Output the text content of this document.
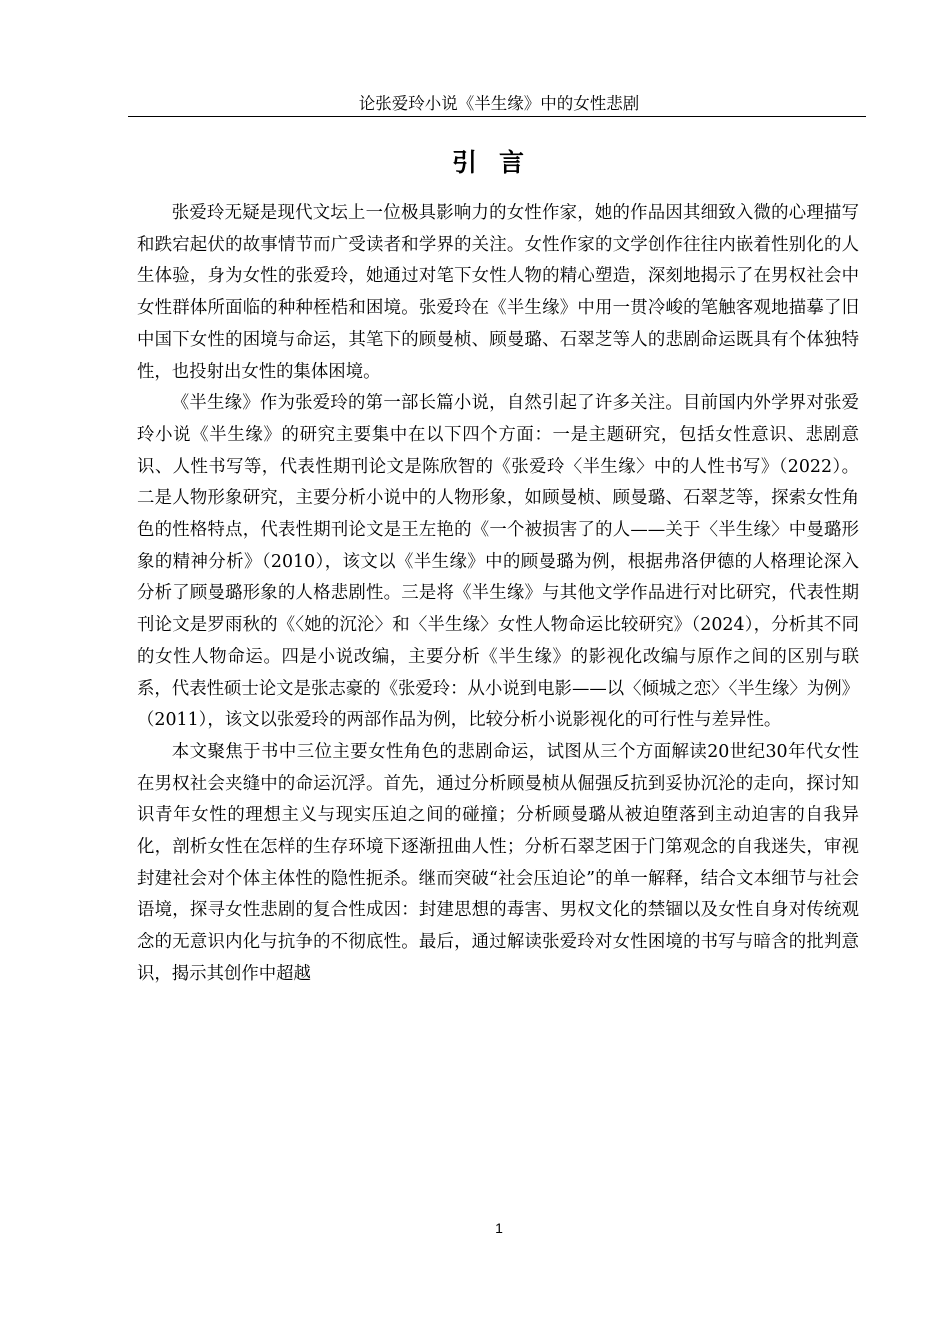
论张爱玲小说《半生缘》中的女性悲剧
引言

张爱玲无疑是现代文坛上一位极具影响力的女性作家，她的作品因其细致入微的心理描写和跌宕起伏的故事情节而广受读者和学界的关注。女性作家的文学创作往往内嵌着性别化的人生体验，身为女性的张爱玲，她通过对笔下女性人物的精心塑造，深刻地揭示了在男权社会中女性群体所面临的种种桎梏和困境。张爱玲在《半生缘》中用一贯冷峻的笔触客观地描摹了旧中国下女性的困境与命运，其笔下的顾曼桢、顾曼璐、石翠芝等人的悲剧命运既具有个体独特性，也投射出女性的集体困境。

《半生缘》作为张爱玲的第一部长篇小说，自然引起了许多关注。目前国内外学界对张爱玲小说《半生缘》的研究主要集中在以下四个方面：一是主题研究，包括女性意识、悲剧意识、人性书写等，代表性期刊论文是陈欣智的《张爱玲〈半生缘〉中的人性书写》（2022）。二是人物形象研究，主要分析小说中的人物形象，如顾曼桢、顾曼璐、石翠芝等，探索女性角色的性格特点，代表性期刊论文是王左艳的《一个被损害了的人——关于〈半生缘〉中曼璐形象的精神分析》（2010），该文以《半生缘》中的顾曼璐为例，根据弗洛伊德的人格理论深入分析了顾曼璐形象的人格悲剧性。三是将《半生缘》与其他文学作品进行对比研究，代表性期刊论文是罗雨秋的《〈她的沉沦〉和〈半生缘〉女性人物命运比较研究》（2024），分析其不同的女性人物命运。四是小说改编，主要分析《半生缘》的影视化改编与原作之间的区别与联系，代表性硕士论文是张志豪的《张爱玲：从小说到电影——以〈倾城之恋〉〈半生缘〉为例》（2011），该文以张爱玲的两部作品为例，比较分析小说影视化的可行性与差异性。

本文聚焦于书中三位主要女性角色的悲剧命运，试图从三个方面解读20世纪30年代女性在男权社会夹缝中的命运沉浮。首先，通过分析顾曼桢从倔强反抗到妥协沉沦的走向，探讨知识青年女性的理想主义与现实压迫之间的碰撞；分析顾曼璐从被迫堕落到主动迫害的自我异化，剖析女性在怎样的生存环境下逐渐扭曲人性；分析石翠芝困于门第观念的自我迷失，审视封建社会对个体主体性的隐性扼杀。继而突破“社会压迫论”的单一解释，结合文本细节与社会语境，探寻女性悲剧的复合性成因：封建思想的毒害、男权文化的禁锢以及女性自身对传统观念的无意识内化与抗争的不彻底性。最后，通过解读张爱玲对女性困境的书写与暗含的批判意识，揭示其创作中超越

1
